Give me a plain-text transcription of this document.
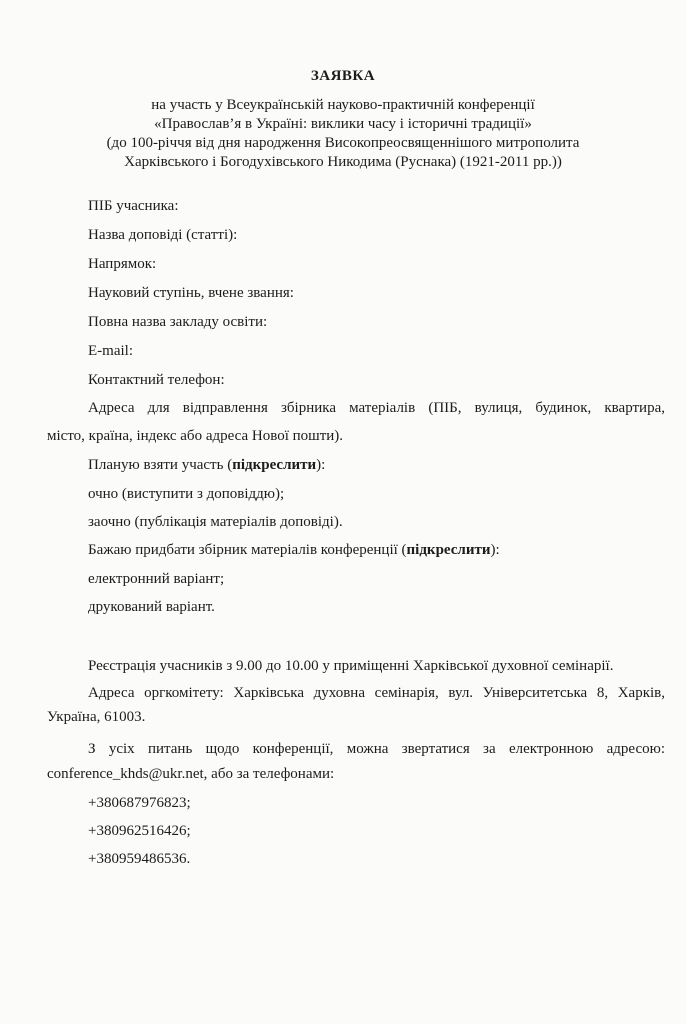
ЗАЯВКА
на участь у Всеукраїнській науково-практичній конференції
«Православ’я в Україні: виклики часу і історичні традиції»
(до 100-річчя від дня народження Високопреосвященнішого митрополита
Харківського і Богодухівського Никодима (Руснака) (1921-2011 рр.))
ПІБ учасника:
Назва доповіді (статті):
Напрямок:
Науковий ступінь, вчене звання:
Повна назва закладу освіти:
E-mail:
Контактний телефон:
Адреса для відправлення збірника матеріалів (ПІБ, вулиця, будинок, квартира,
місто, країна, індекс або адреса Нової пошти).
Планую взяти участь (підкреслити):
очно (виступити з доповіддю);
заочно (публікація матеріалів доповіді).
Бажаю придбати збірник матеріалів конференції (підкреслити):
електронний варіант;
друкований варіант.
Реєстрація учасників з 9.00 до 10.00 у приміщенні Харківської духовної семінарії.
Адреса оргкомітету: Харківська духовна семінарія, вул. Університетська 8, Харків,
Україна, 61003.
З усіх питань щодо конференції, можна звертатися за електронною адресою:
conference_khds@ukr.net, або за телефонами:
+380687976823;
+380962516426;
+380959486536.
